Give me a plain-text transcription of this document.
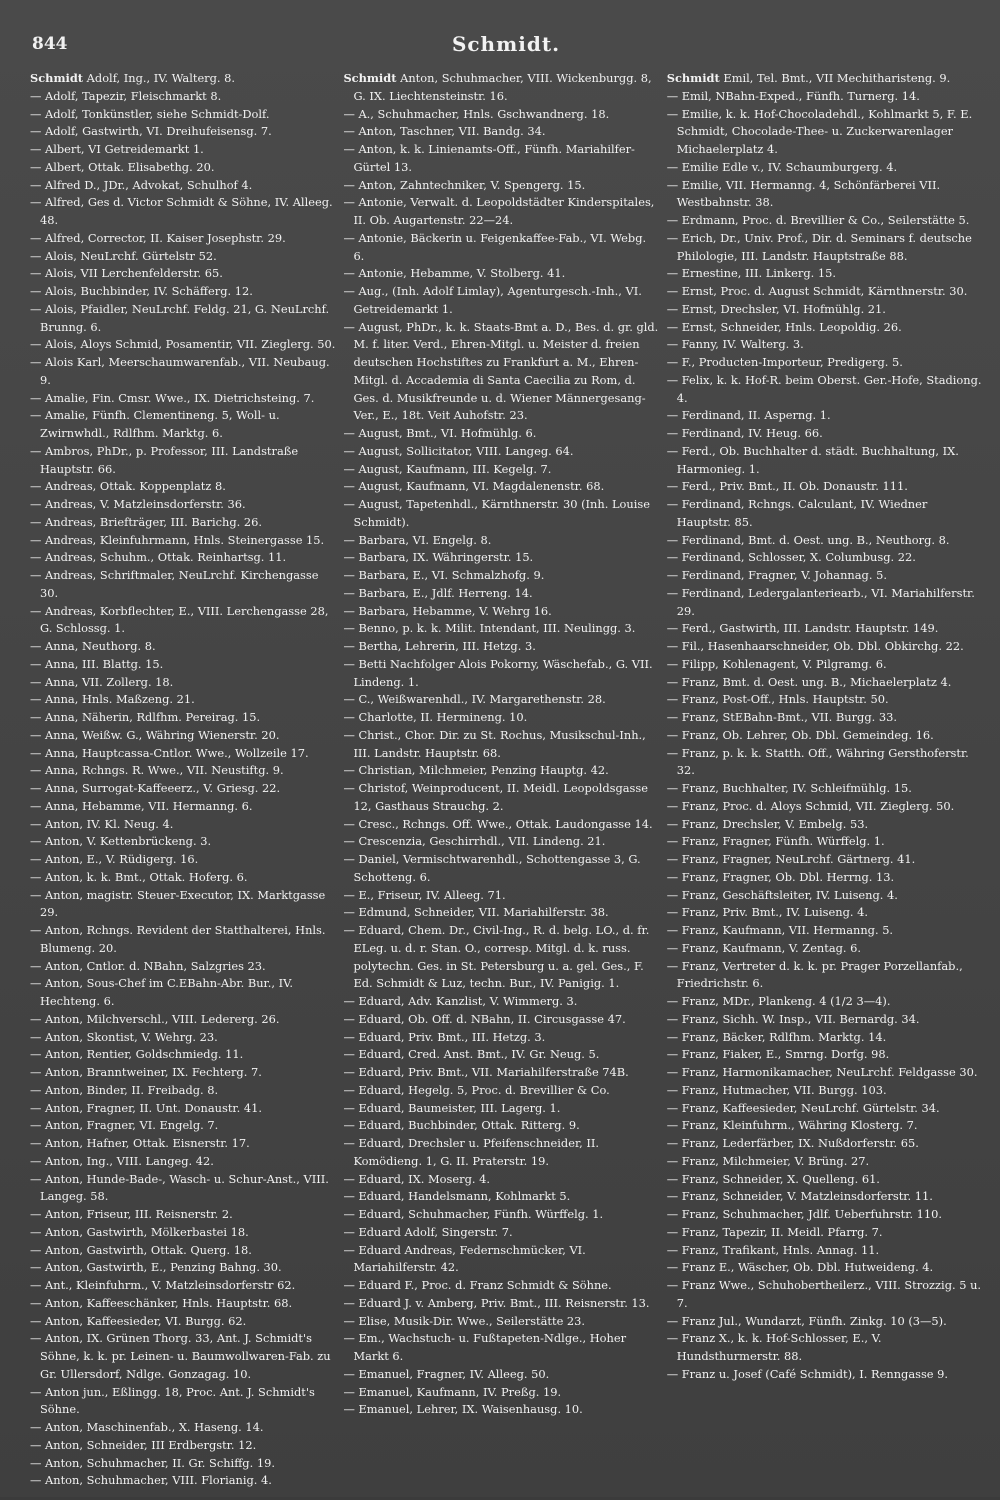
844	Schmidt.

Schmidt Adolf, Ing., IV. Walterg. 8.

— Adolf, Tapezir, Fleischmarkt 8.

— Adolf, Tonkünstler, siehe Schmidt-Dolf.

— Adolf, Gastwirth, VI. Dreihufeisensg. 7.

— Albert, VI Getreidemarkt 1.

— Albert, Ottak. Elisabethg. 20.

— Alfred D., JDr., Advokat, Schulhof 4.

— Alfred, Ges d. Victor Schmidt & Söhne, IV. Alleeg. 48.

— Alfred, Corrector, II. Kaiser Josephstr. 29.

— Alois, NeuLrchf. Gürtelstr 52.

— Alois, VII Lerchenfelderstr. 65.

— Alois, Buchbinder, IV. Schäfferg. 12.

— Alois, Pfaidler, NeuLrchf. Feldg. 21, G. NeuLrchf. Brunng. 6.

— Alois, Aloys Schmid, Posamentir, VII. Zieglerg. 50.

— Alois Karl, Meerschaumwarenfab., VII. Neubaug. 9.

— Amalie, Fin. Cmsr. Wwe., IX. Dietrichsteing. 7.

— Amalie, Fünfh. Clementineng. 5, Woll- u. Zwirnwhdl., Rdlfhm. Marktg. 6.

— Ambros, PhDr., p. Professor, III. Landstraße Hauptstr. 66.

— Andreas, Ottak. Koppenplatz 8.

— Andreas, V. Matzleinsdorferstr. 36.

— Andreas, Briefträger, III. Barichg. 26.

— Andreas, Kleinfuhrmann, Hnls. Steinergasse 15.

— Andreas, Schuhm., Ottak. Reinhartsg. 11.

— Andreas, Schriftmaler, NeuLrchf. Kirchengasse 30.

— Andreas, Korbflechter, E., VIII. Lerchengasse 28, G. Schlossg. 1.

— Anna, Neuthorg. 8.

— Anna, III. Blattg. 15.

— Anna, VII. Zollerg. 18.

— Anna, Hnls. Maßzeng. 21.

— Anna, Näherin, Rdlfhm. Pereirag. 15.

— Anna, Weißw. G., Währing Wienerstr. 20.

— Anna, Hauptcassa-Cntlor. Wwe., Wollzeile 17.

— Anna, Rchngs. R. Wwe., VII. Neustiftg. 9.

— Anna, Surrogat-Kaffeeerz., V. Griesg. 22.

— Anna, Hebamme, VII. Hermanng. 6.

— Anton, IV. Kl. Neug. 4.

— Anton, V. Kettenbrückeng. 3.

— Anton, E., V. Rüdigerg. 16.

— Anton, k. k. Bmt., Ottak. Hoferg. 6.

— Anton, magistr. Steuer-Executor, IX. Marktgasse 29.

— Anton, Rchngs. Revident der Statthalterei, Hnls. Blumeng. 20.

— Anton, Cntlor. d. NBahn, Salzgries 23.

— Anton, Sous-Chef im C.EBahn-Abr. Bur., IV. Hechteng. 6.

— Anton, Milchverschl., VIII. Ledererg. 26.

— Anton, Skontist, V. Wehrg. 23.

— Anton, Rentier, Goldschmiedg. 11.

— Anton, Branntweiner, IX. Fechterg. 7.

— Anton, Binder, II. Freibadg. 8.

— Anton, Fragner, II. Unt. Donaustr. 41.

— Anton, Fragner, VI. Engelg. 7.

— Anton, Hafner, Ottak. Eisnerstr. 17.

— Anton, Ing., VIII. Langeg. 42.

— Anton, Hunde-Bade-, Wasch- u. Schur-Anst., VIII. Langeg. 58.

— Anton, Friseur, III. Reisnerstr. 2.

— Anton, Gastwirth, Mölkerbastei 18.

— Anton, Gastwirth, Ottak. Querg. 18.

— Anton, Gastwirth, E., Penzing Bahng. 30.

— Ant., Kleinfuhrm., V. Matzleinsdorferstr 62.

— Anton, Kaffeeschänker, Hnls. Hauptstr. 68.

— Anton, Kaffeesieder, VI. Burgg. 62.

— Anton, IX. Grünen Thorg. 33, Ant. J. Schmidt's Söhne, k. k. pr. Leinen- u. Baumwollwaren-Fab. zu Gr. Ullersdorf, Ndlge. Gonzagag. 10.

— Anton jun., Eßlingg. 18, Proc. Ant. J. Schmidt's Söhne.

— Anton, Maschinenfab., X. Haseng. 14.

— Anton, Schneider, III Erdbergstr. 12.

— Anton, Schuhmacher, II. Gr. Schiffg. 19.

— Anton, Schuhmacher, VIII. Florianig. 4.

Schmidt Anton, Schuhmacher, VIII. Wickenburgg. 8, G. IX. Liechtensteinstr. 16.

— A., Schuhmacher, Hnls. Gschwandnerg. 18.

— Anton, Taschner, VII. Bandg. 34.

— Anton, k. k. Linienamts-Off., Fünfh. Mariahilfer-Gürtel 13.

— Anton, Zahntechniker, V. Spengerg. 15.

— Antonie, Verwalt. d. Leopoldstädter Kinderspitales, II. Ob. Augartenstr. 22—24.

— Antonie, Bäckerin u. Feigenkaffee-Fab., VI. Webg. 6.

— Antonie, Hebamme, V. Stolberg. 41.

— Aug., (Inh. Adolf Limlay), Agenturgesch.-Inh., VI. Getreidemarkt 1.

— August, PhDr., k. k. Staats-Bmt a. D., Bes. d. gr. gld. M. f. liter. Verd., Ehren-Mitgl. u. Meister d. freien deutschen Hochstiftes zu Frankfurt a. M., Ehren-Mitgl. d. Accademia di Santa Caecilia zu Rom, d. Ges. d. Musikfreunde u. d. Wiener Männergesang-Ver., E., 18t. Veit Auhofstr. 23.

— August, Bmt., VI. Hofmühlg. 6.

— August, Sollicitator, VIII. Langeg. 64.

— August, Kaufmann, III. Kegelg. 7.

— August, Kaufmann, VI. Magdalenenstr. 68.

— August, Tapetenhdl., Kärnthnerstr. 30 (Inh. Louise Schmidt).

— Barbara, VI. Engelg. 8.

— Barbara, IX. Währingerstr. 15.

— Barbara, E., VI. Schmalzhofg. 9.

— Barbara, E., Jdlf. Herreng. 14.

— Barbara, Hebamme, V. Wehrg 16.

— Benno, p. k. k. Milit. Intendant, III. Neulingg. 3.

— Bertha, Lehrerin, III. Hetzg. 3.

— Betti Nachfolger Alois Pokorny, Wäschefab., G. VII. Lindeng. 1.

— C., Weißwarenhdl., IV. Margarethenstr. 28.

— Charlotte, II. Hermineng. 10.

— Christ., Chor. Dir. zu St. Rochus, Musikschul-Inh., III. Landstr. Hauptstr. 68.

— Christian, Milchmeier, Penzing Hauptg. 42.

— Christof, Weinproducent, II. Meidl. Leopoldsgasse 12, Gasthaus Strauchg. 2.

— Cresc., Rchngs. Off. Wwe., Ottak. Laudongasse 14.

— Crescenzia, Geschirrhdl., VII. Lindeng. 21.

— Daniel, Vermischtwarenhdl., Schottengasse 3, G. Schotteng. 6.

— E., Friseur, IV. Alleeg. 71.

— Edmund, Schneider, VII. Mariahilferstr. 38.

— Eduard, Chem. Dr., Civil-Ing., R. d. belg. LO., d. fr. ELeg. u. d. r. Stan. O., corresp. Mitgl. d. k. russ. polytechn. Ges. in St. Petersburg u. a. gel. Ges., F. Ed. Schmidt & Luz, techn. Bur., IV. Panigig. 1.

— Eduard, Adv. Kanzlist, V. Wimmerg. 3.

— Eduard, Ob. Off. d. NBahn, II. Circusgasse 47.

— Eduard, Priv. Bmt., III. Hetzg. 3.

— Eduard, Cred. Anst. Bmt., IV. Gr. Neug. 5.

— Eduard, Priv. Bmt., VII. Mariahilferstraße 74B.

— Eduard, Hegelg. 5, Proc. d. Brevillier & Co.

— Eduard, Baumeister, III. Lagerg. 1.

— Eduard, Buchbinder, Ottak. Ritterg. 9.

— Eduard, Drechsler u. Pfeifenschneider, II. Komödieng. 1, G. II. Praterstr. 19.

— Eduard, IX. Moserg. 4.

— Eduard, Handelsmann, Kohlmarkt 5.

— Eduard, Schuhmacher, Fünfh. Würffelg. 1.

— Eduard Adolf, Singerstr. 7.

— Eduard Andreas, Federnschmücker, VI. Mariahilferstr. 42.

— Eduard F., Proc. d. Franz Schmidt & Söhne.

— Eduard J. v. Amberg, Priv. Bmt., III. Reisnerstr. 13.

— Elise, Musik-Dir. Wwe., Seilerstätte 23.

— Em., Wachstuch- u. Fußtapeten-Ndlge., Hoher Markt 6.

— Emanuel, Fragner, IV. Alleeg. 50.

— Emanuel, Kaufmann, IV. Preßg. 19.

— Emanuel, Lehrer, IX. Waisenhausg. 10.

Schmidt Emil, Tel. Bmt., VII Mechitharisteng. 9.

— Emil, NBahn-Exped., Fünfh. Turnerg. 14.

— Emilie, k. k. Hof-Chocoladehdl., Kohlmarkt 5, F. E. Schmidt, Chocolade-Thee- u. Zuckerwarenlager Michaelerplatz 4.

— Emilie Edle v., IV. Schaumburgerg. 4.

— Emilie, VII. Hermanng. 4, Schönfärberei VII. Westbahnstr. 38.

— Erdmann, Proc. d. Brevillier & Co., Seilerstätte 5.

— Erich, Dr., Univ. Prof., Dir. d. Seminars f. deutsche Philologie, III. Landstr. Hauptstraße 88.

— Ernestine, III. Linkerg. 15.

— Ernst, Proc. d. August Schmidt, Kärnthnerstr. 30.

— Ernst, Drechsler, VI. Hofmühlg. 21.

— Ernst, Schneider, Hnls. Leopoldig. 26.

— Fanny, IV. Walterg. 3.

— F., Producten-Importeur, Predigerg. 5.

— Felix, k. k. Hof-R. beim Oberst. Ger.-Hofe, Stadiong. 4.

— Ferdinand, II. Asperng. 1.

— Ferdinand, IV. Heug. 66.

— Ferd., Ob. Buchhalter d. städt. Buchhaltung, IX. Harmonieg. 1.

— Ferd., Priv. Bmt., II. Ob. Donaustr. 111.

— Ferdinand, Rchngs. Calculant, IV. Wiedner Hauptstr. 85.

— Ferdinand, Bmt. d. Oest. ung. B., Neuthorg. 8.

— Ferdinand, Schlosser, X. Columbusg. 22.

— Ferdinand, Fragner, V. Johannag. 5.

— Ferdinand, Ledergalanteriearb., VI. Mariahilferstr. 29.

— Ferd., Gastwirth, III. Landstr. Hauptstr. 149.

— Fil., Hasenhaarschneider, Ob. Dbl. Obkirchg. 22.

— Filipp, Kohlenagent, V. Pilgramg. 6.

— Franz, Bmt. d. Oest. ung. B., Michaelerplatz 4.

— Franz, Post-Off., Hnls. Hauptstr. 50.

— Franz, StEBahn-Bmt., VII. Burgg. 33.

— Franz, Ob. Lehrer, Ob. Dbl. Gemeindeg. 16.

— Franz, p. k. k. Statth. Off., Währing Gersthoferstr. 32.

— Franz, Buchhalter, IV. Schleifmühlg. 15.

— Franz, Proc. d. Aloys Schmid, VII. Zieglerg. 50.

— Franz, Drechsler, V. Embelg. 53.

— Franz, Fragner, Fünfh. Würffelg. 1.

— Franz, Fragner, NeuLrchf. Gärtnerg. 41.

— Franz, Fragner, Ob. Dbl. Herrng. 13.

— Franz, Geschäftsleiter, IV. Luiseng. 4.

— Franz, Priv. Bmt., IV. Luiseng. 4.

— Franz, Kaufmann, VII. Hermanng. 5.

— Franz, Kaufmann, V. Zentag. 6.

— Franz, Vertreter d. k. k. pr. Prager Porzellanfab., Friedrichstr. 6.

— Franz, MDr., Plankeng. 4 (1/2 3—4).

— Franz, Sichh. W. Insp., VII. Bernardg. 34.

— Franz, Bäcker, Rdlfhm. Marktg. 14.

— Franz, Fiaker, E., Smrng. Dorfg. 98.

— Franz, Harmonikamacher, NeuLrchf. Feldgasse 30.

— Franz, Hutmacher, VII. Burgg. 103.

— Franz, Kaffeesieder, NeuLrchf. Gürtelstr. 34.

— Franz, Kleinfuhrm., Währing Klosterg. 7.

— Franz, Lederfärber, IX. Nußdorferstr. 65.

— Franz, Milchmeier, V. Brüng. 27.

— Franz, Schneider, X. Quelleng. 61.

— Franz, Schneider, V. Matzleinsdorferstr. 11.

— Franz, Schuhmacher, Jdlf. Ueberfuhrstr. 110.

— Franz, Tapezir, II. Meidl. Pfarrg. 7.

— Franz, Trafikant, Hnls. Annag. 11.

— Franz E., Wäscher, Ob. Dbl. Hutweideng. 4.

— Franz Wwe., Schuhobertheilerz., VIII. Strozzig. 5 u. 7.

— Franz Jul., Wundarzt, Fünfh. Zinkg. 10 (3—5).

— Franz X., k. k. Hof-Schlosser, E., V. Hundsthurmerstr. 88.

— Franz u. Josef (Café Schmidt), I. Renngasse 9.
